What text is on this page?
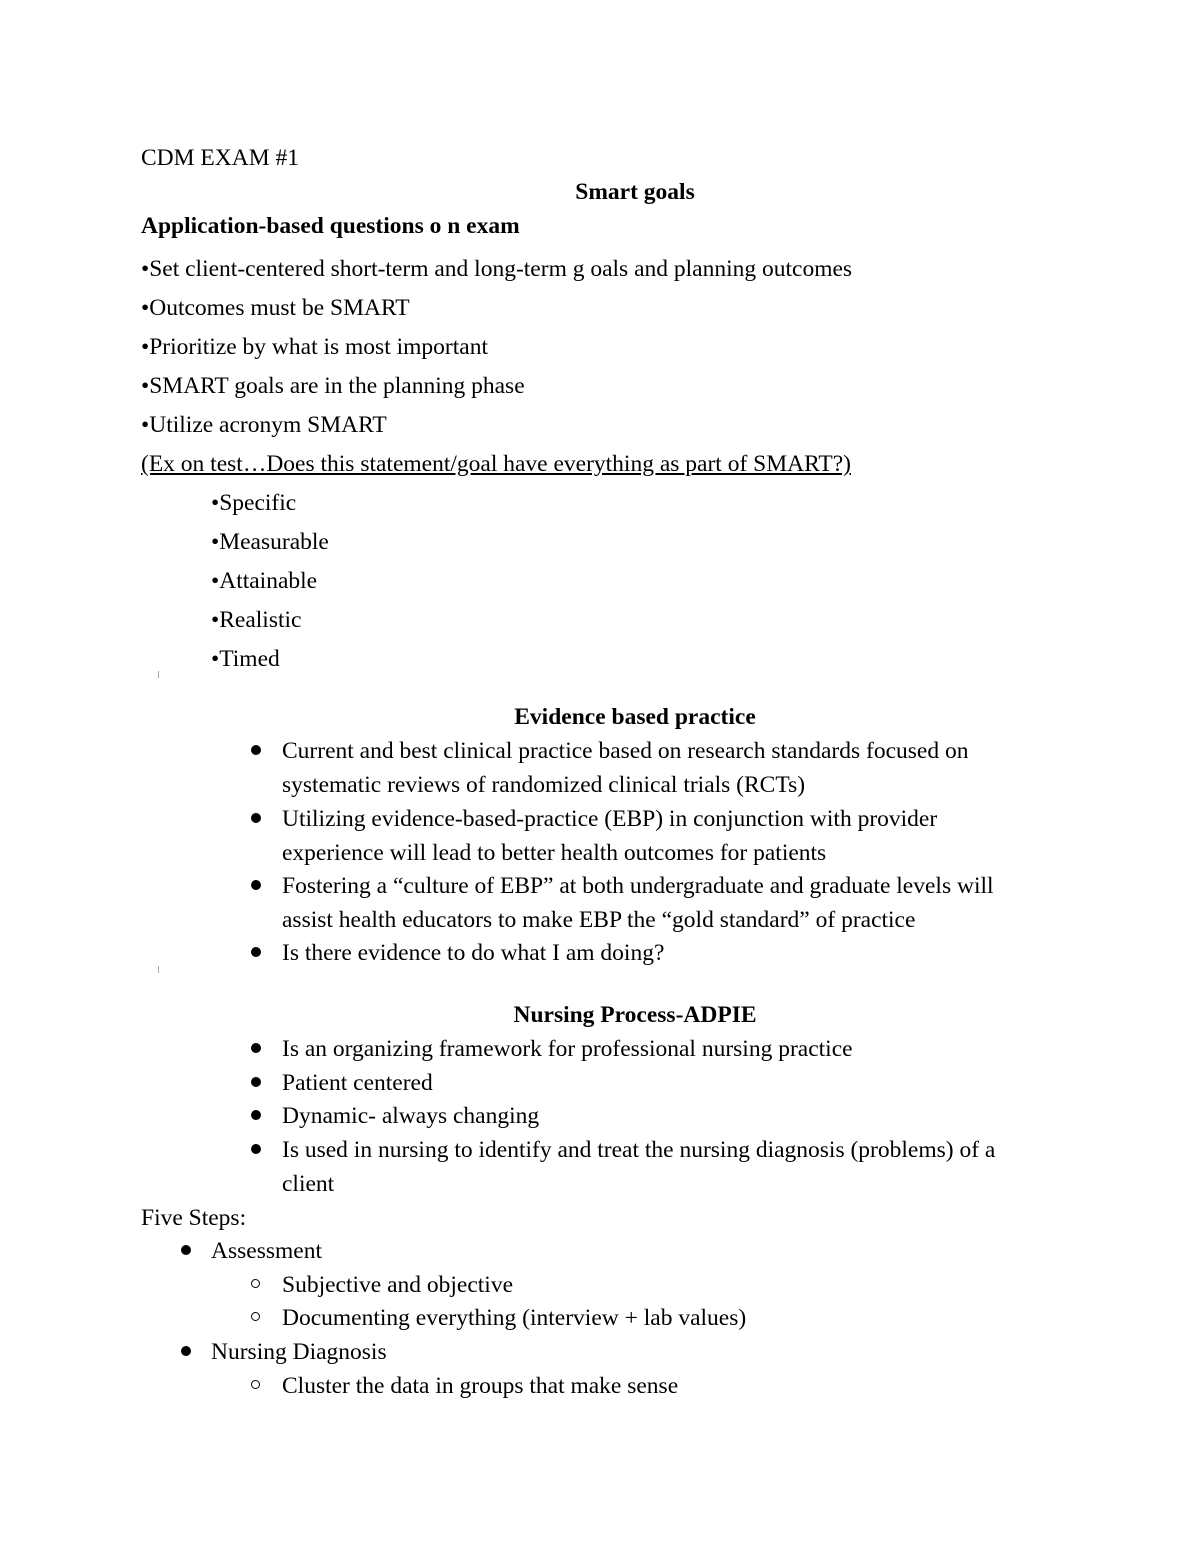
CDM EXAM #1
Smart goals
Application-based questions o n exam
•Set client-centered short-term and long-term g oals and planning outcomes
•Outcomes must be SMART
•Prioritize by what is most important
•SMART goals are in the planning phase
•Utilize acronym SMART
(Ex on test…Does this statement/goal have everything as part of SMART?)
•Specific
•Measurable
•Attainable
•Realistic
•Timed
Evidence based practice
Current and best clinical practice based on research standards focused on
systematic reviews of randomized clinical trials (RCTs)
Utilizing evidence-based-practice (EBP) in conjunction with provider
experience will lead to better health outcomes for patients
Fostering a “culture of EBP” at both undergraduate and graduate levels will
assist health educators to make EBP the “gold standard” of practice
Is there evidence to do what I am doing?
Nursing Process-ADPIE
Is an organizing framework for professional nursing practice
Patient centered
Dynamic- always changing
Is used in nursing to identify and treat the nursing diagnosis (problems) of a
client
Five Steps:
Assessment
Subjective and objective
Documenting everything (interview + lab values)
Nursing Diagnosis
Cluster the data in groups that make sense
